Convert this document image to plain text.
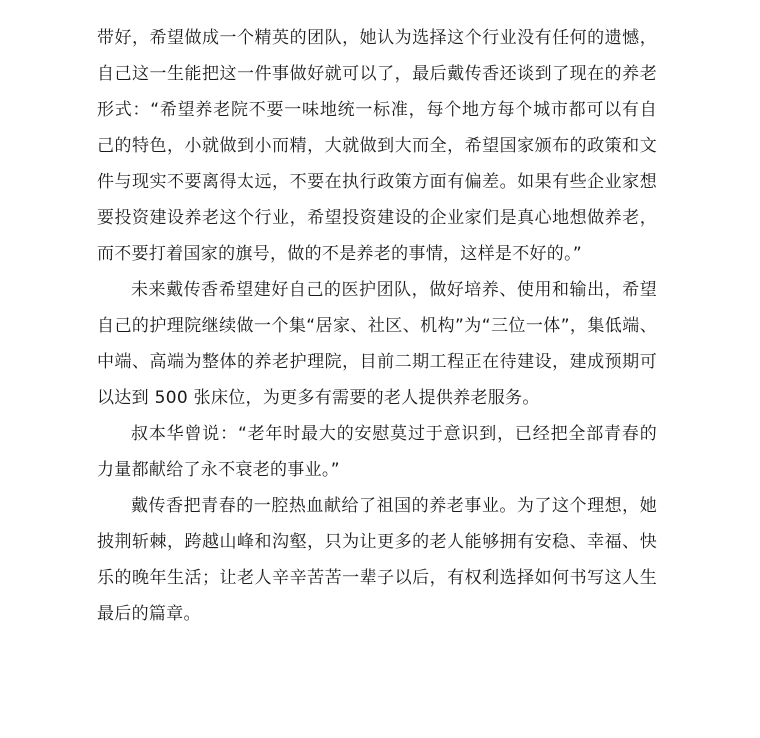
带好，希望做成一个精英的团队，她认为选择这个行业没有任何的遗憾，自己这一生能把这一件事做好就可以了，最后戴传香还谈到了现在的养老形式：“希望养老院不要一味地统一标准，每个地方每个城市都可以有自己的特色，小就做到小而精，大就做到大而全，希望国家颁布的政策和文件与现实不要离得太远，不要在执行政策方面有偏差。如果有些企业家想要投资建设养老这个行业，希望投资建设的企业家们是真心地想做养老，而不要打着国家的旗号，做的不是养老的事情，这样是不好的。”

未来戴传香希望建好自己的医护团队，做好培养、使用和输出，希望自己的护理院继续做一个集“居家、社区、机构”为“三位一体”，集低端、中端、高端为整体的养老护理院，目前二期工程正在待建设，建成预期可以达到 500 张床位，为更多有需要的老人提供养老服务。

叔本华曾说：“老年时最大的安慰莫过于意识到，已经把全部青春的力量都献给了永不衰老的事业。”

戴传香把青春的一腔热血献给了祖国的养老事业。为了这个理想，她披荆斩棘，跨越山峰和沟壑，只为让更多的老人能够拥有安稳、幸福、快乐的晚年生活；让老人辛辛苦苦一辈子以后，有权利选择如何书写这人生最后的篇章。
